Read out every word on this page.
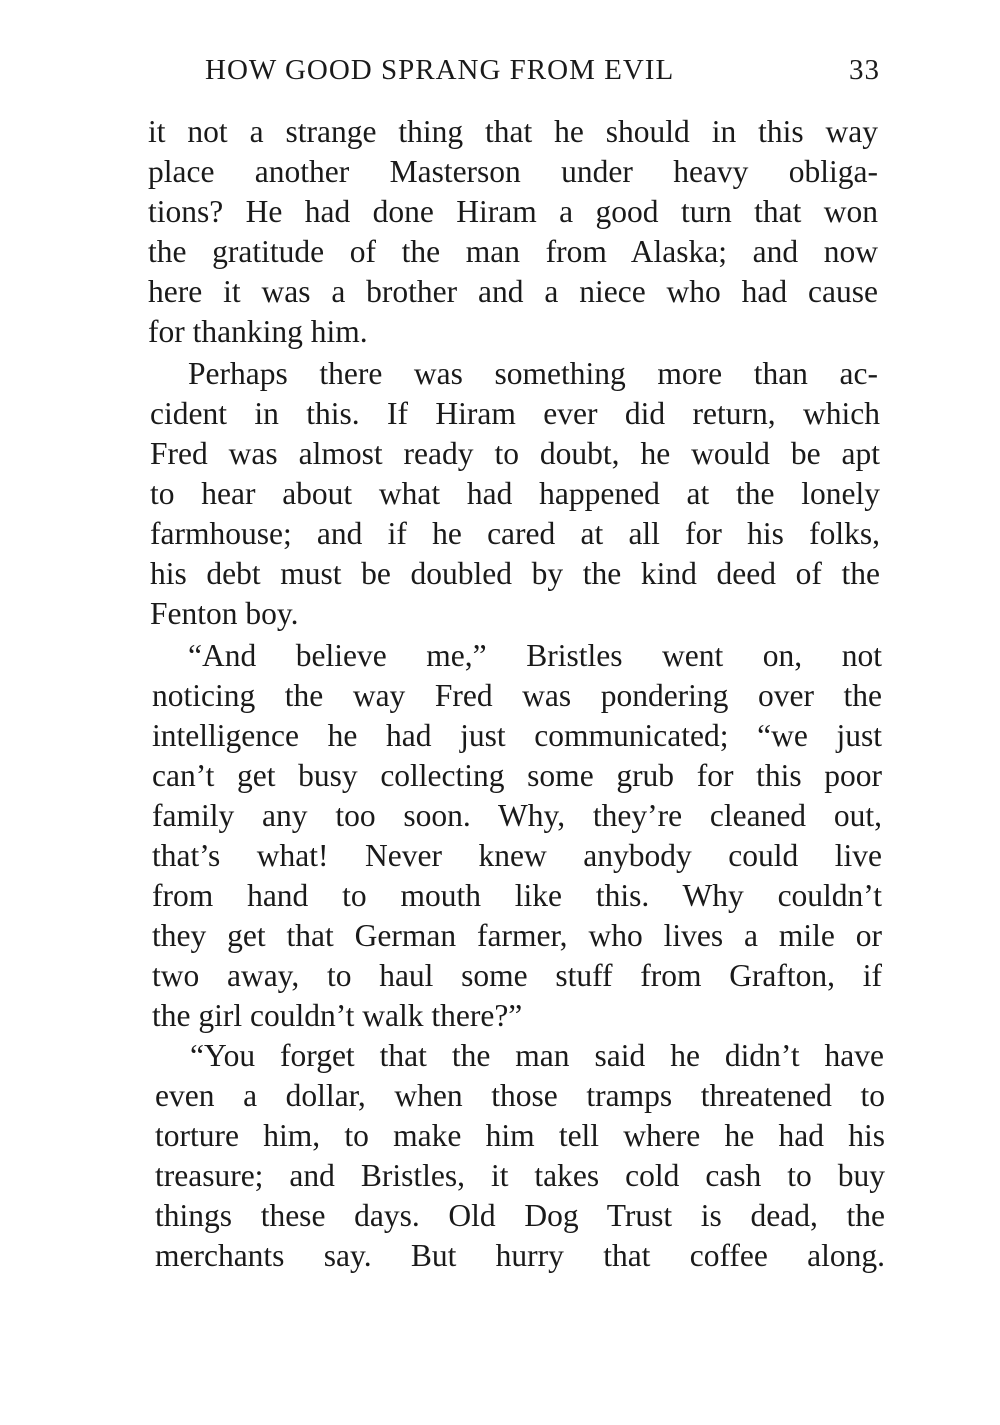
HOW GOOD SPRANG FROM EVIL	33
it not a strange thing that he should in this way
place another Masterson under heavy obliga-
tions? He had done Hiram a good turn that won
the gratitude of the man from Alaska; and now
here it was a brother and a niece who had cause
for thanking him.
Perhaps there was something more than ac-
cident in this. If Hiram ever did return, which
Fred was almost ready to doubt, he would be apt
to hear about what had happened at the lonely
farmhouse; and if he cared at all for his folks,
his debt must be doubled by the kind deed of the
Fenton boy.
“And believe me,” Bristles went on, not
noticing the way Fred was pondering over the
intelligence he had just communicated; “we just
can’t get busy collecting some grub for this poor
family any too soon. Why, they’re cleaned out,
that’s what! Never knew anybody could live
from hand to mouth like this. Why couldn’t
they get that German farmer, who lives a mile or
two away, to haul some stuff from Grafton, if
the girl couldn’t walk there?”
“You forget that the man said he didn’t have
even a dollar, when those tramps threatened to
torture him, to make him tell where he had his
treasure; and Bristles, it takes cold cash to buy
things these days. Old Dog Trust is dead, the
merchants say. But hurry that coffee along.
